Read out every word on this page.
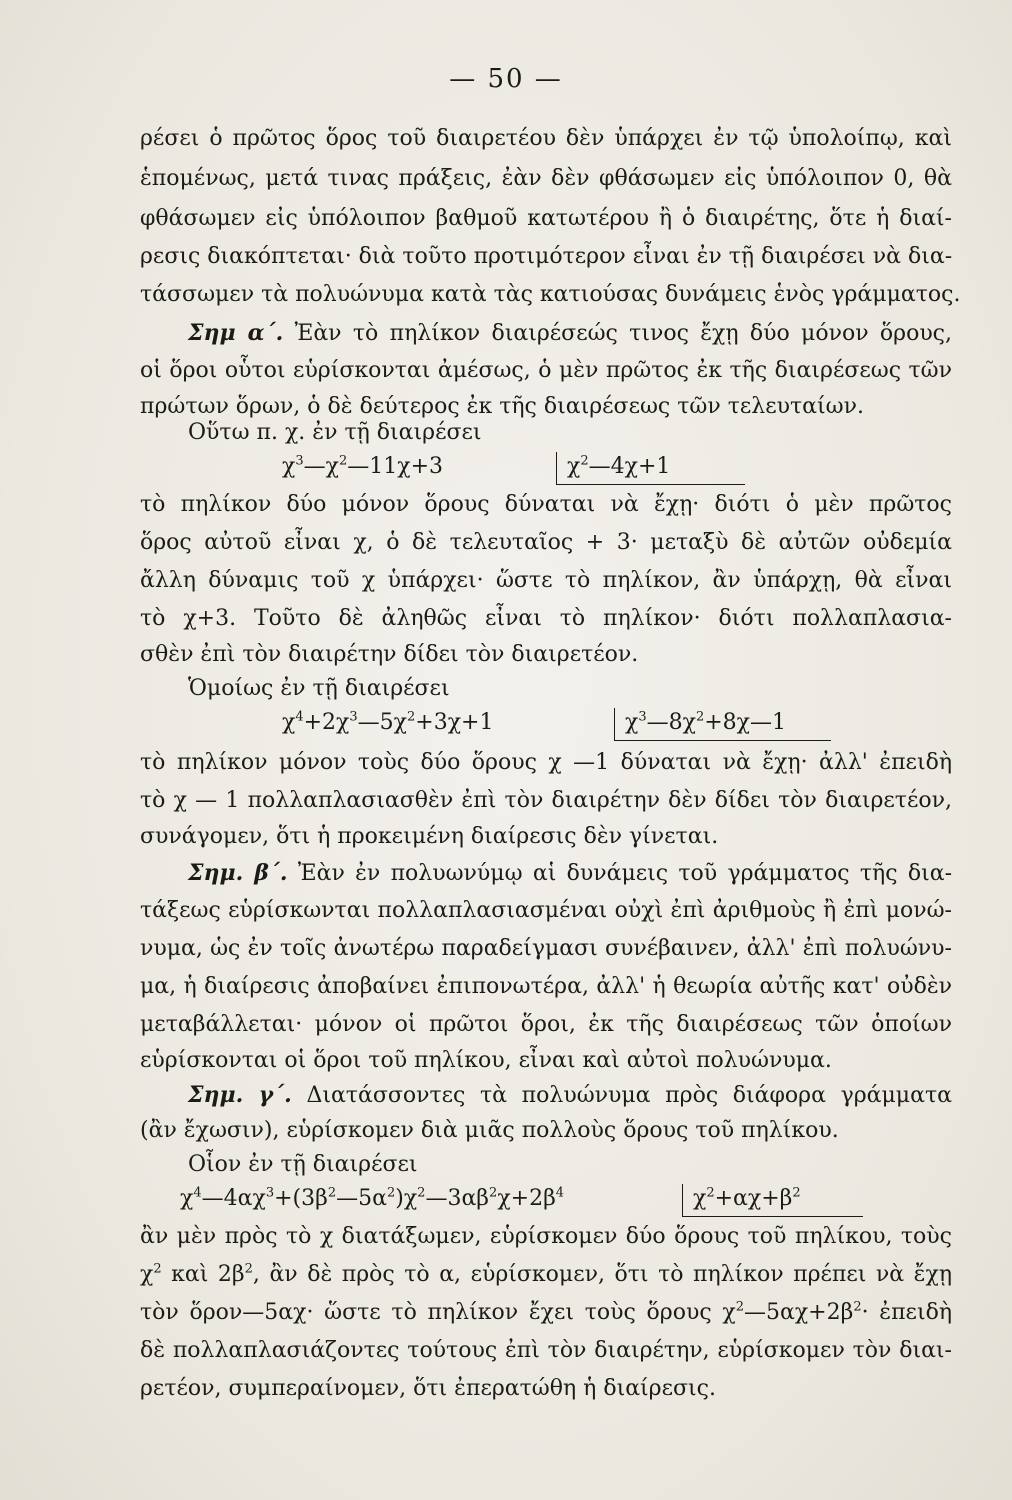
— 50 —
ρέσει ὁ πρῶτος ὅρος τοῦ διαιρετέου δὲν ὑπάρχει ἐν τῷ ὑπολοίπῳ, καὶ
ἑπομένως, μετά τινας πράξεις, ἐὰν δὲν φθάσωμεν εἰς ὑπόλοιπον 0, θὰ
φθάσωμεν εἰς ὑπόλοιπον βαθμοῦ κατωτέρου ἢ ὁ διαιρέτης, ὅτε ἡ διαί-
ρεσις διακόπτεται· διὰ τοῦτο προτιμότερον εἶναι ἐν τῇ διαιρέσει νὰ δια-
τάσσωμεν τὰ πολυώνυμα κατὰ τὰς κατιούσας δυνάμεις ἑνὸς γράμματος.
Σημ α΄. Ἐὰν τὸ πηλίκον διαιρέσεώς τινος ἔχῃ δύο μόνον ὅρους,
οἱ ὅροι οὗτοι εὑρίσκονται ἀμέσως, ὁ μὲν πρῶτος ἐκ τῆς διαιρέσεως τῶν
πρώτων ὅρων, ὁ δὲ δεύτερος ἐκ τῆς διαιρέσεως τῶν τελευταίων.
Οὕτω π. χ. ἐν τῇ διαιρέσει
$\chi^3—\chi^2—11\chi+3$	$\chi^2—4\chi+1$
τὸ πηλίκον δύο μόνον ὅρους δύναται νὰ ἔχῃ· διότι ὁ μὲν πρῶτος
ὅρος αὐτοῦ εἶναι χ, ὁ δὲ τελευταῖος + 3· μεταξὺ δὲ αὐτῶν οὐδεμία
ἄλλη δύναμις τοῦ χ ὑπάρχει· ὥστε τὸ πηλίκον, ἂν ὑπάρχῃ, θὰ εἶναι
τὸ χ+3. Τοῦτο δὲ ἀληθῶς εἶναι τὸ πηλίκον· διότι πολλαπλασια-
σθὲν ἐπὶ τὸν διαιρέτην δίδει τὸν διαιρετέον.
Ὁμοίως ἐν τῇ διαιρέσει
$\chi^4+2\chi^3—5\chi^2+3\chi+1$	$\chi^3—8\chi^2+8\chi—1$
τὸ πηλίκον μόνον τοὺς δύο ὅρους χ —1 δύναται νὰ ἔχῃ· ἀλλ' ἐπειδὴ
τὸ χ — 1 πολλαπλασιασθὲν ἐπὶ τὸν διαιρέτην δὲν δίδει τὸν διαιρετέον,
συνάγομεν, ὅτι ἡ προκειμένη διαίρεσις δὲν γίνεται.
Σημ. β΄. Ἐὰν ἐν πολυωνύμῳ αἱ δυνάμεις τοῦ γράμματος τῆς δια-
τάξεως εὑρίσκωνται πολλαπλασιασμέναι οὐχὶ ἐπὶ ἀριθμοὺς ἢ ἐπὶ μονώ-
νυμα, ὡς ἐν τοῖς ἀνωτέρω παραδείγμασι συνέβαινεν, ἀλλ' ἐπὶ πολυώνυ-
μα, ἡ διαίρεσις ἀποβαίνει ἐπιπονωτέρα, ἀλλ' ἡ θεωρία αὐτῆς κατ' οὐδὲν
μεταβάλλεται· μόνον οἱ πρῶτοι ὅροι, ἐκ τῆς διαιρέσεως τῶν ὁποίων
εὑρίσκονται οἱ ὅροι τοῦ πηλίκου, εἶναι καὶ αὐτοὶ πολυώνυμα.
Σημ. γ΄. Διατάσσοντες τὰ πολυώνυμα πρὸς διάφορα γράμματα
(ἂν ἔχωσιν), εὑρίσκομεν διὰ μιᾶς πολλοὺς ὅρους τοῦ πηλίκου.
Οἷον ἐν τῇ διαιρέσει
$\chi^4—4\alpha\chi^3+(3\beta^2—5\alpha^2)\chi^2—3\alpha\beta^2\chi+2\beta^4$	$\chi^2+\alpha\chi+\beta^2$
ἂν μὲν πρὸς τὸ χ διατάξωμεν, εὑρίσκομεν δύο ὅρους τοῦ πηλίκου, τοὺς
$\chi^2$ καὶ $2\beta^2$, ἂν δὲ πρὸς τὸ α, εὑρίσκομεν, ὅτι τὸ πηλίκον πρέπει νὰ ἔχῃ
τὸν ὅρον—5αχ· ὥστε τὸ πηλίκον ἔχει τοὺς ὅρους $\chi^2—5\alpha\chi+2\beta^2\cdot$ ἐπειδὴ
δὲ πολλαπλασιάζοντες τούτους ἐπὶ τὸν διαιρέτην, εὑρίσκομεν τὸν διαι-
ρετέον, συμπεραίνομεν, ὅτι ἐπερατώθη ἡ διαίρεσις.
